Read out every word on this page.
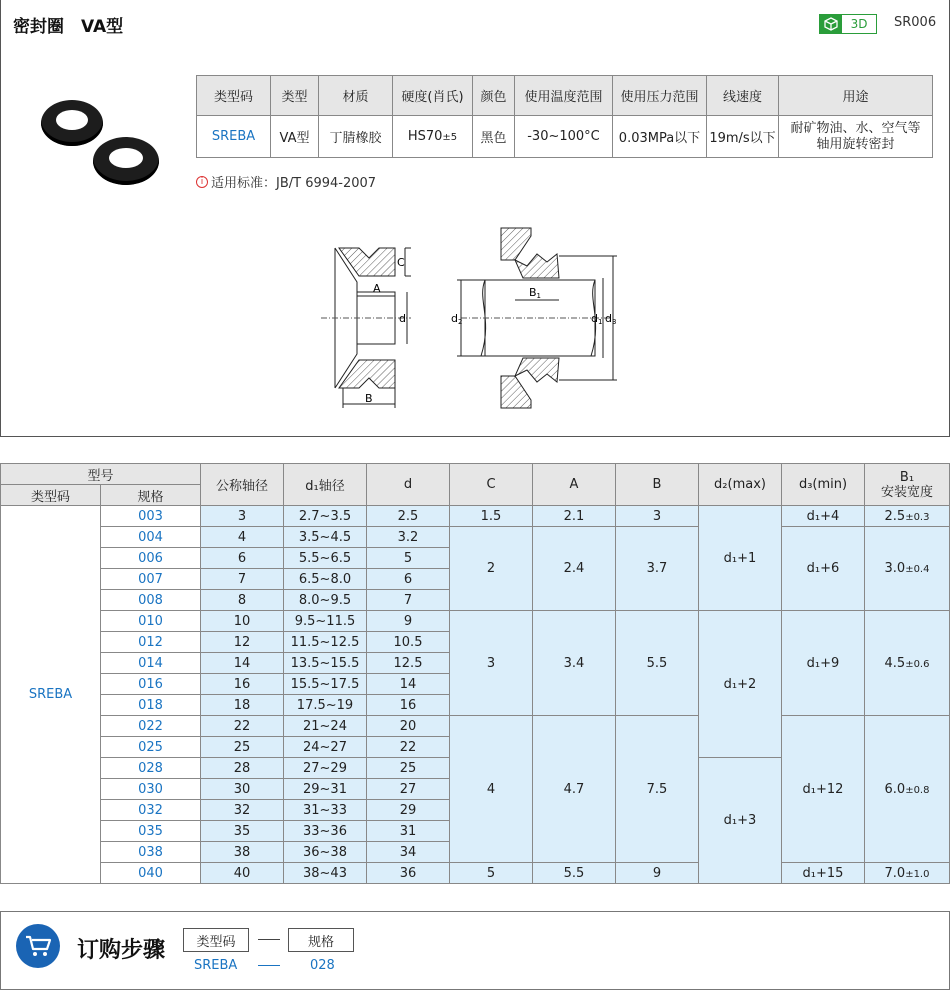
密封圈　VA型	3D	SR006
类型码	类型	材质	硬度(肖氏)	颜色	使用温度范围	使用压力范围	线速度	用途
SREBA	VA型	丁腈橡胶	HS70±5	黑色	-30~100°C	0.03MPa以下	19m/s以下	耐矿物油、水、空气等
轴用旋转密封
i 适用标准：JB/T 6994-2007
C
A
d
B
d2
B1
d1 d3
型号		公称轴径	d₁轴径	d	C	A	B	d₂(max)	d₃(min)	B₁
安装宽度

类型码	规格									
SREBA	003	3	2.7~3.5	2.5	1.5	2.1	3	d₁+1	d₁+4	2.5±0.3
	004	4	3.5~4.5	3.2	2	2.4	3.7		d₁+6	3.0±0.4
	006	6	5.5~6.5	5						
	007	7	6.5~8.0	6						
	008	8	8.0~9.5	7						
	010	10	9.5~11.5	9	3	3.4	5.5	d₁+2	d₁+9	4.5±0.6
	012	12	11.5~12.5	10.5						
	014	14	13.5~15.5	12.5						
	016	16	15.5~17.5	14						
	018	18	17.5~19	16						
	022	22	21~24	20	4	4.7	7.5		d₁+12	6.0±0.8
	025	25	24~27	22						
	028	28	27~29	25				d₁+3		
	030	30	29~31	27						
	032	32	31~33	29						
	035	35	33~36	31						
	038	38	36~38	34						
	040	40	38~43	36	5	5.5	9		d₁+15	7.0±1.0
订购步骤	类型码	规格
SREBA	028
